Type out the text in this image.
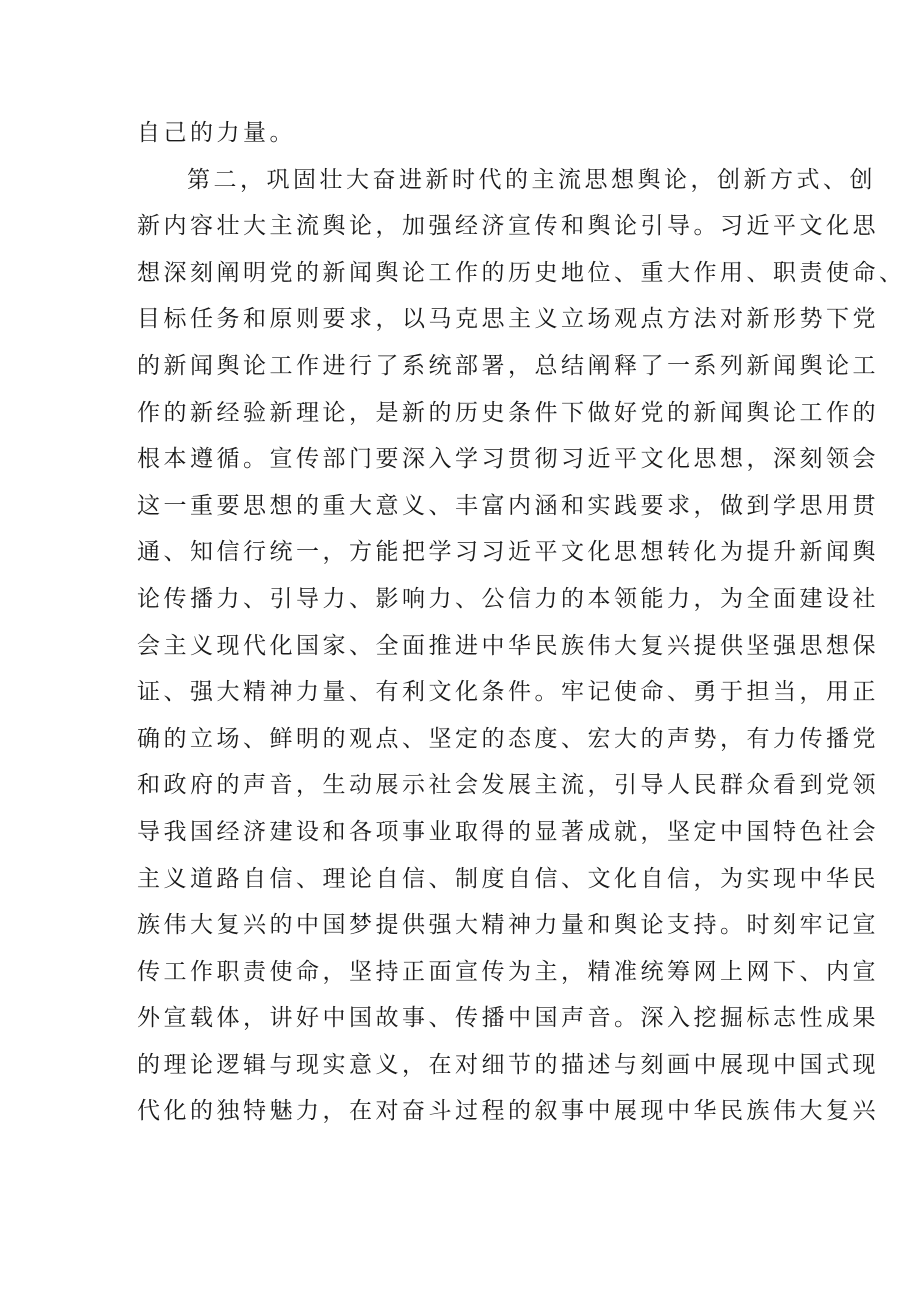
自己的力量。
第二，巩固壮大奋进新时代的主流思想舆论，创新方式、创
新内容壮大主流舆论，加强经济宣传和舆论引导。习近平文化思
想深刻阐明党的新闻舆论工作的历史地位、重大作用、职责使命、
目标任务和原则要求，以马克思主义立场观点方法对新形势下党
的新闻舆论工作进行了系统部署，总结阐释了一系列新闻舆论工
作的新经验新理论，是新的历史条件下做好党的新闻舆论工作的
根本遵循。宣传部门要深入学习贯彻习近平文化思想，深刻领会
这一重要思想的重大意义、丰富内涵和实践要求，做到学思用贯
通、知信行统一，方能把学习习近平文化思想转化为提升新闻舆
论传播力、引导力、影响力、公信力的本领能力，为全面建设社
会主义现代化国家、全面推进中华民族伟大复兴提供坚强思想保
证、强大精神力量、有利文化条件。牢记使命、勇于担当，用正
确的立场、鲜明的观点、坚定的态度、宏大的声势，有力传播党
和政府的声音，生动展示社会发展主流，引导人民群众看到党领
导我国经济建设和各项事业取得的显著成就，坚定中国特色社会
主义道路自信、理论自信、制度自信、文化自信，为实现中华民
族伟大复兴的中国梦提供强大精神力量和舆论支持。时刻牢记宣
传工作职责使命，坚持正面宣传为主，精准统筹网上网下、内宣
外宣载体，讲好中国故事、传播中国声音。深入挖掘标志性成果
的理论逻辑与现实意义，在对细节的描述与刻画中展现中国式现
代化的独特魅力，在对奋斗过程的叙事中展现中华民族伟大复兴
